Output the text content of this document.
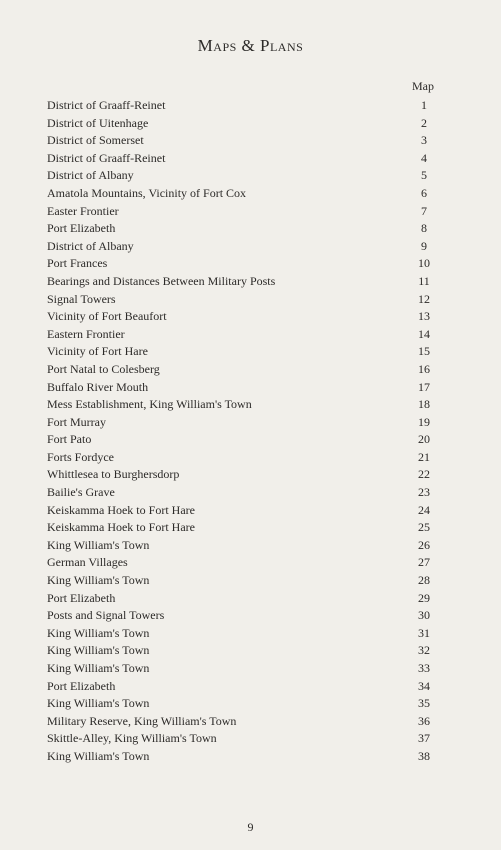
Maps & Plans
Map
District of Graaff-Reinet	1
District of Uitenhage	2
District of Somerset	3
District of Graaff-Reinet	4
District of Albany	5
Amatola Mountains, Vicinity of Fort Cox	6
Easter Frontier	7
Port Elizabeth	8
District of Albany	9
Port Frances	10
Bearings and Distances Between Military Posts	11
Signal Towers	12
Vicinity of Fort Beaufort	13
Eastern Frontier	14
Vicinity of Fort Hare	15
Port Natal to Colesberg	16
Buffalo River Mouth	17
Mess Establishment, King William's Town	18
Fort Murray	19
Fort Pato	20
Forts Fordyce	21
Whittlesea to Burghersdorp	22
Bailie's Grave	23
Keiskamma Hoek to Fort Hare	24
Keiskamma Hoek to Fort Hare	25
King William's Town	26
German Villages	27
King William's Town	28
Port Elizabeth	29
Posts and Signal Towers	30
King William's Town	31
King William's Town	32
King William's Town	33
Port Elizabeth	34
King William's Town	35
Military Reserve, King William's Town	36
Skittle-Alley, King William's Town	37
King William's Town	38
9
